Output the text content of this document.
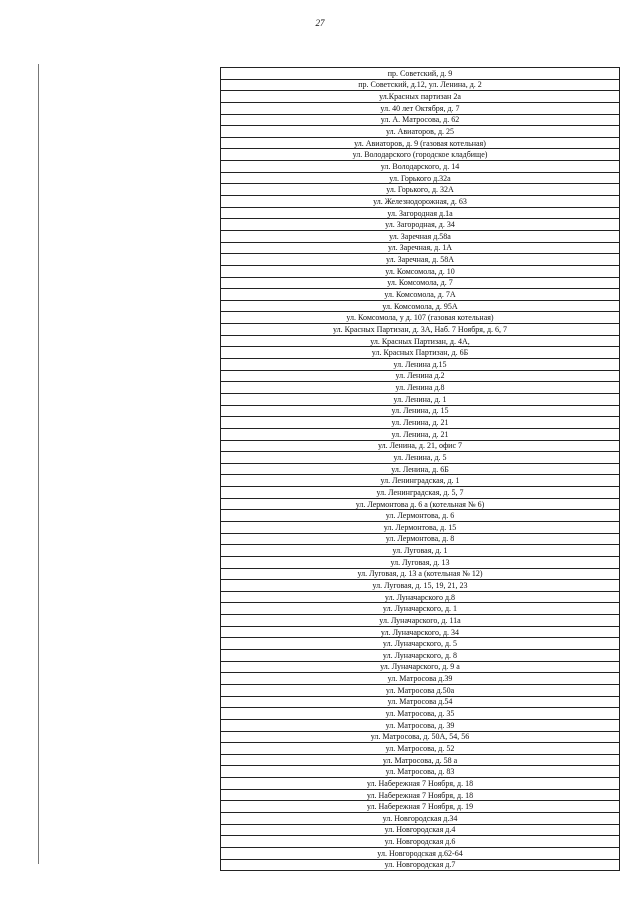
27
пр. Советский, д. 9
пр. Советский, д.12, ул. Ленина, д. 2
ул.Красных партизан 2а
ул. 40 лет Октября, д. 7
ул. А. Матросова, д. 62
ул. Авиаторов, д. 25
ул. Авиаторов, д. 9 (газовая котельная)
ул. Володарского (городское кладбище)
ул. Володарского, д. 14
ул. Горького д.32а
ул. Горького, д. 32А
ул. Железнодорожная, д. 63
ул. Загородная д.1а
ул. Загородная, д. 34
ул. Заречная д.58а
ул. Заречная, д. 1А
ул. Заречная, д. 58А
ул. Комсомола, д. 10
ул. Комсомола, д. 7
ул. Комсомола, д. 7А
ул. Комсомола, д. 95А
ул. Комсомола, у д. 107 (газовая котельная)
ул. Красных Партизан, д. 3А, Наб. 7 Ноября, д. 6, 7
ул. Красных Партизан, д. 4А,
ул. Красных Партизан, д. 6Б
ул. Ленина д.15
ул. Ленина д.2
ул. Ленина д.8
ул. Ленина, д. 1
ул. Ленина, д. 15
ул. Ленина, д. 21
ул. Ленина, д. 21
ул. Ленина, д. 21, офис 7
ул. Ленина, д. 5
ул. Ленина, д. 6Б
ул. Ленинградская, д. 1
ул. Ленинградская, д. 5, 7
ул. Лермонтова д. 6 а (котельная № 6)
ул. Лермонтова, д. 6
ул. Лермонтова, д. 15
ул. Лермонтова, д. 8
ул. Луговая, д. 1
ул. Луговая, д. 13
ул. Луговая, д. 13 а (котельная № 12)
ул. Луговая, д. 15, 19, 21, 23
ул. Луначарского д.8
ул. Луначарского, д. 1
ул. Луначарского, д. 11а
ул. Луначарского, д. 34
ул. Луначарского, д. 5
ул. Луначарского, д. 8
ул. Луначарского, д. 9 а
ул. Матросова д.39
ул. Матросова д.50а
ул. Матросова д.54
ул. Матросова, д. 35
ул. Матросова, д. 39
ул. Матросова, д. 50А, 54, 56
ул. Матросова, д. 52
ул. Матросова, д. 58 а
ул. Матросова, д. 83
ул. Набережная 7 Ноября, д. 18
ул. Набережная 7 Ноября, д. 18
ул. Набережная 7 Ноября, д. 19
ул. Новгородская д.34
ул. Новгородская д.4
ул. Новгородская д.6
ул. Новгородская д.62-64
ул. Новгородская д.7
